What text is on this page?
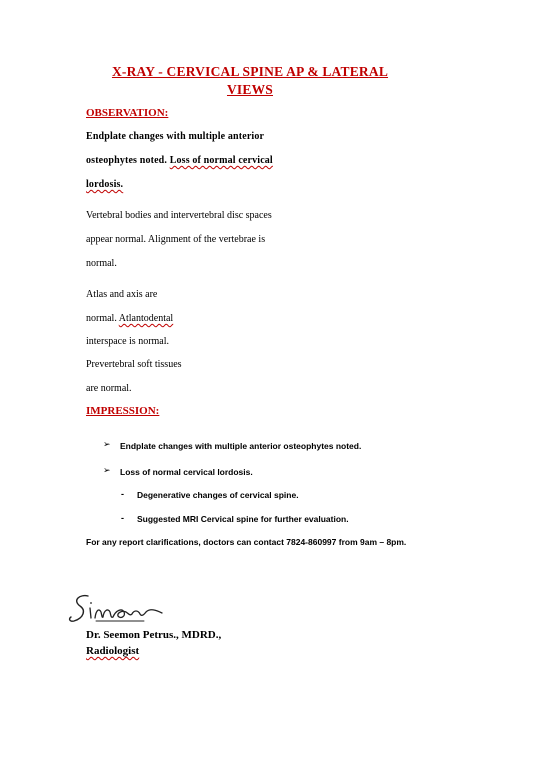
X-RAY - CERVICAL SPINE AP & LATERAL
VIEWS
OBSERVATION:
Endplate changes with multiple anterior
osteophytes noted. Loss of normal cervical
lordosis.
Vertebral bodies and intervertebral disc spaces
appear normal. Alignment of the vertebrae is
normal.
Atlas and axis are
normal. Atlantodental
interspace is normal.
Prevertebral soft tissues
are normal.
IMPRESSION:
➢ Endplate changes with multiple anterior osteophytes noted.
➢ Loss of normal cervical lordosis.
- Degenerative changes of cervical spine.
- Suggested MRI Cervical spine for further evaluation.
For any report clarifications, doctors can contact 7824-860997 from 9am – 8pm.
Dr. Seemon Petrus., MDRD.,
Radiologist
